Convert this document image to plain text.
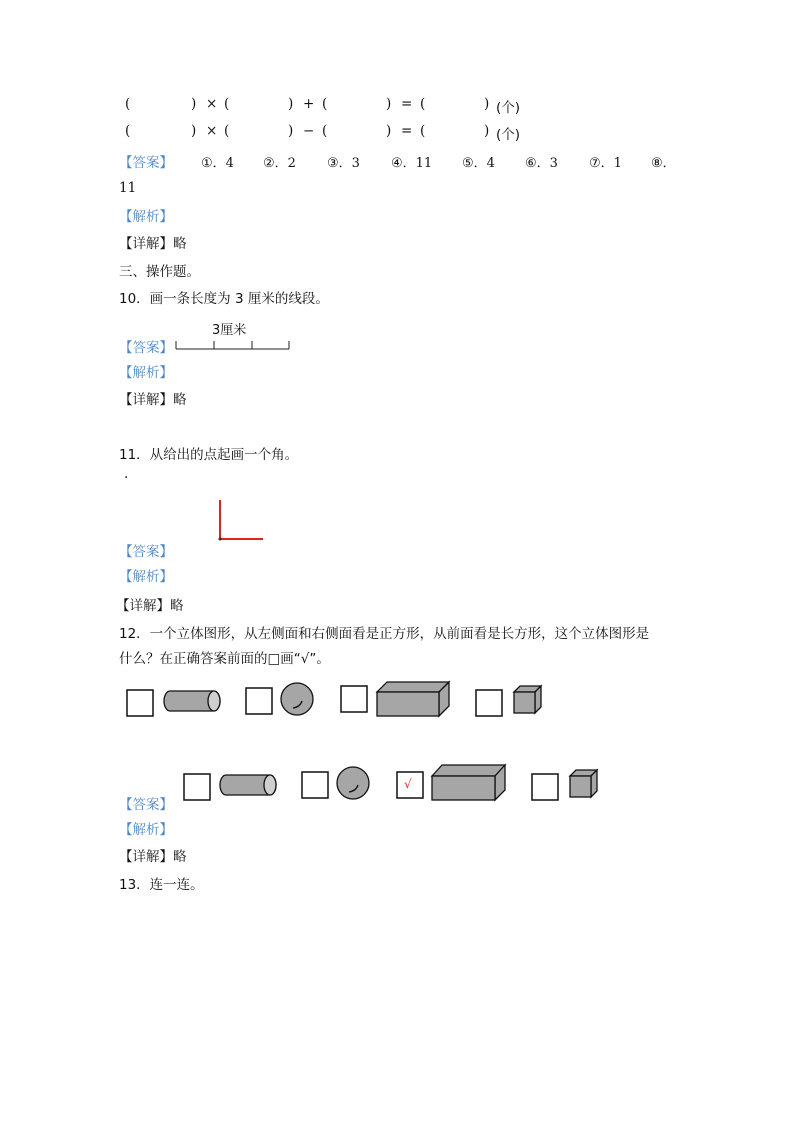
(	) × (	) + (	) = (	) (个)
(	) × (	) − (	) = (	) (个)
【答案】 ①．4 ②．2 ③．3 ④．11 ⑤．4 ⑥．3 ⑦．1 ⑧．
11
【解析】
【详解】略
三、操作题。
10．画一条长度为 3 厘米的线段。
【答案】
3厘米
【解析】
【详解】略
11．从给出的点起画一个角。
.
【答案】
【解析】
【详解】略
12．一个立体图形，从左侧面和右侧面看是正方形，从前面看是长方形，这个立体图形是
什么？在正确答案前面的□画“√”。
【答案】
√
【解析】
【详解】略
13．连一连。
